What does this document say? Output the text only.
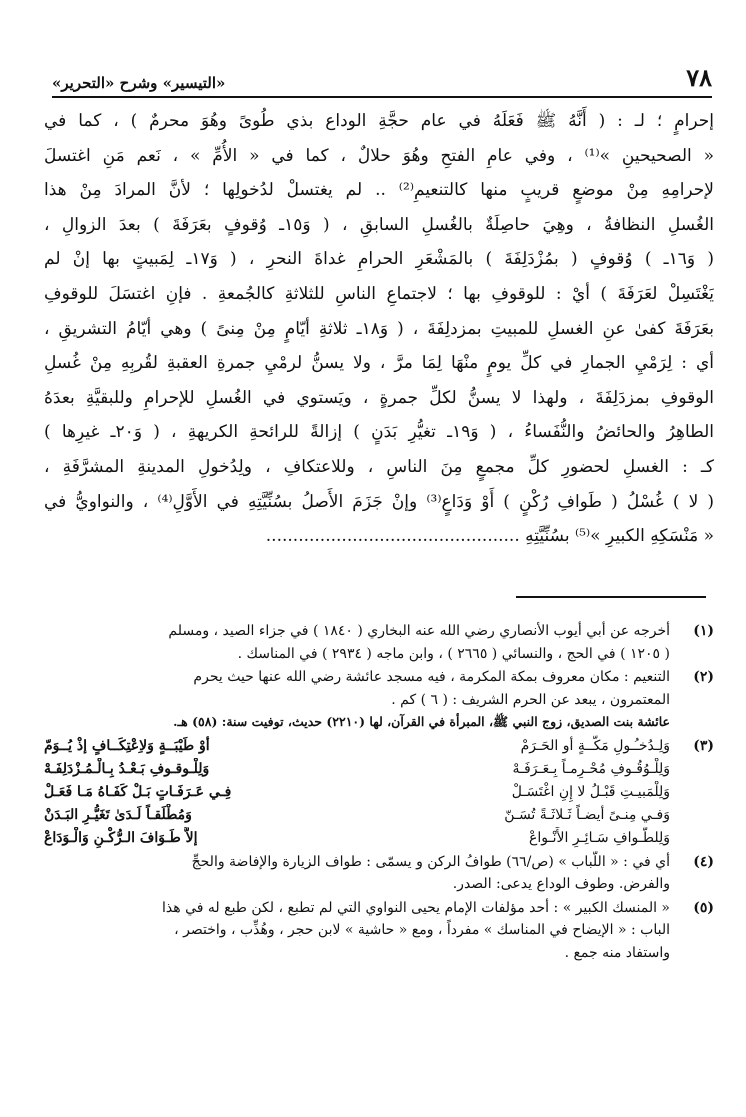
٧٨
«التيسير» وشرح «التحرير»
إحرامٍ ؛ لـ : ( أَنَّهُ ﷺ فَعَلَهُ في عام حجَّةِ الوداع بذي طُوىً وهُوَ محرمٌ ) ، كما في
« الصحيحينِ »⁽¹⁾ ، وفي عامِ الفتحِ وهُوَ حلالٌ ، كما في « الأُمِّ » ، نَعم مَنِ اغتسلَ
لإحرامِهِ مِنْ موضعٍ قريبٍ منها كالتنعيمِ⁽²⁾ .. لم يغتسلْ لدُخولِها ؛ لأنَّ المرادَ مِنْ هذا
الغُسلِ النظافةُ ، وهِيَ حاصِلَةٌ بالغُسلِ السابقِ ، ( وَ١٥ـ وُقوفٍ بعَرَفَةَ ) بعدَ الزوالِ ،
( وَ١٦ـ ) وُقوفٍ ( بمُزْدَلِفَةَ ) بالمَشْعَرِ الحرامِ غداةَ النحرِ ، ( وَ١٧ـ لِمَبيتٍ بها إنْ لم
يَغْتَسِلْ لعَرَفَةَ ) أيْ : للوقوفِ بها ؛ لاجتماعِ الناسِ للثلاثةِ كالجُمعةِ . فإنِ اغتسَلَ للوقوفِ
بعَرَفَةَ كفىٰ عنِ الغسلِ للمبيتِ بمزدلِفَةَ ، ( وَ١٨ـ ثلاثةِ أيّامٍ مِنْ مِنىً ) وهي أيّامُ التشريقِ ،
أي : لِرَمْيِ الجمارِ في كلِّ يومٍ منْهَا لِمَا مرَّ ، ولا يسنُّ لرمْيِ جمرةِ العقبةِ لقُربِهِ مِنْ غُسلِ
الوقوفِ بمزدَلِفَةَ ، ولهذا لا يسنُّ لكلِّ جمرةٍ ، ويَستوي في الغُسلِ للإحرامِ وللبقيَّةِ بعدَهُ
الطاهِرُ والحائضُ والنُّفَساءُ ، ( وَ١٩ـ تغيُّرِ بَدَنٍ ) إزالةً للرائحةِ الكريهةِ ، ( وَ٢٠ـ غيرِها )
كـ : الغسلِ لحضورِ كلِّ مجمعٍ مِنَ الناسِ ، وللاعتكافِ ، ولِدُخولِ المدينةِ المشرَّفَةِ ،
( لا ) غُسْلُ ( طَوافِ رُكْنٍ ) أَوْ وَدَاعٍ⁽³⁾ وإنْ جَزَمَ الأَصلُ بسُنِّيَّتِهِ في الأَوَّلِ⁽⁴⁾ ، والنواويُّ في
« مَنْسَكِهِ الكبيرِ »⁽⁵⁾ بسُنِّيَّتِهِ ...............................................
(١)
أخرجه عن أبي أيوب الأنصاري رضي الله عنه البخاري ( ١٨٤٠ ) في جزاء الصيد ، ومسلم
( ١٢٠٥ ) في الحج ، والنسائي ( ٢٦٦٥ ) ، وابن ماجه ( ٢٩٣٤ ) في المناسك .
(٢)
التنعيم : مكان معروف بمكة المكرمة ، فيه مسجد عائشة رضي الله عنها حيث يحرم
المعتمرون ، يبعد عن الحرم الشريف : ( ٦ ) كم .
عائشة بنت الصديق، زوج النبي ﷺ، المبرأة في القرآن، لها (٢٢١٠) حديث، توفيت سنة: (٥٨) هـ.
(٣)
وَلِـدُخـُـولِ مَكَّــةٍ أو الحَـرَمْ
أوْ طَيْبَــةٍ وَلاِعْتِكَــافٍ إذْ يُــوَمّ
وَلِلْـوُقُـوفِ مُحْـرِمـاً بِـعَـرَفَـهْ
وَلِلْـوقـوفِ بَـعْـدُ بِـالْـمُـزْدَلِفَـهْ
وَلِلْمَبيـتِ قَبْـلُ لا إِنِ اغْتَسَـلْ
فِـي عَـرَفَـاتٍ بَـلْ كَفَـاهُ مَـا فَعَـلْ
وَفـي مِنـىً أيضـاً ثَـلاثَـةً تُسَـنّ
وَمُطْلَقـاً لَـدَىٰ تَغَيُّـرِ البَـدَنْ
وَلِلطَّـوافِ سَـائِـرِ الأَنْـواعْ
إلاَّ طَـوَافَ الـرُّكْـنِ وَالْـوَدَاعْ
(٤)
أي في : « اللُّباب » (ص/٦٦) طوافُ الركن و يسمّى : طواف الزيارة والإفاضة والحجِّ
والفرض. وطوف الوداع يدعى: الصدر.
(٥)
« المنسك الكبير » : أحد مؤلفات الإمام يحيى النواوي التي لم تطبع ، لكن طبع له في هذا
الباب : « الإيضاح في المناسك » مفرداً ، ومع « حاشية » لابن حجر ، وهُذِّب ، واختصر ،
واستفاد منه جمع .
